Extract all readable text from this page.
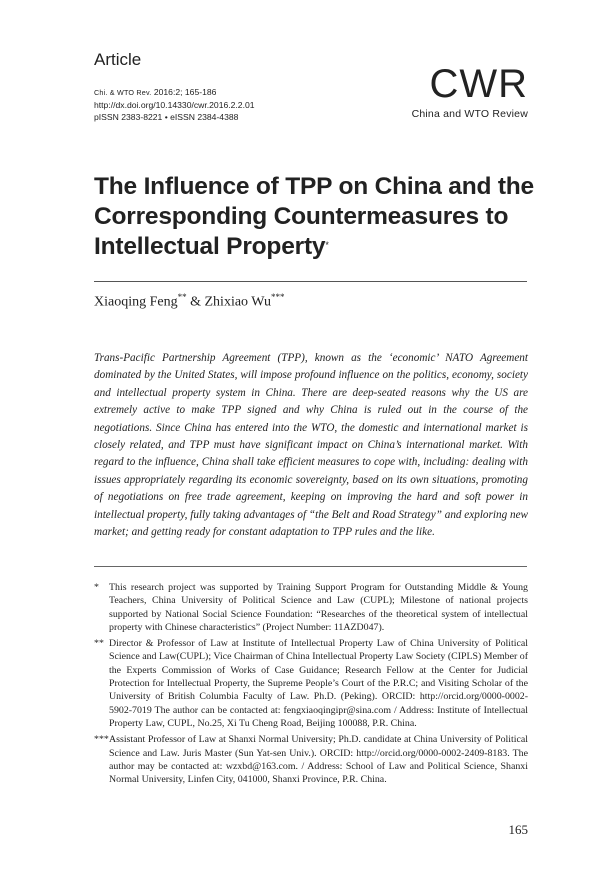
Article
Chi. & WTO Rev. 2016:2; 165-186
http://dx.doi.org/10.14330/cwr.2016.2.2.01
pISSN 2383-8221 • eISSN 2384-4388
CWR
China and WTO Review
The Influence of TPP on China and the Corresponding Countermeasures to Intellectual Property*
Xiaoqing Feng** & Zhixiao Wu***

Trans-Pacific Partnership Agreement (TPP), known as the ‘economic’ NATO Agreement dominated by the United States, will impose profound influence on the politics, economy, society and intellectual property system in China. There are deep-seated reasons why the US are extremely active to make TPP signed and why China is ruled out in the course of the negotiations. Since China has entered into the WTO, the domestic and international market is closely related, and TPP must have significant impact on China’s international market. With regard to the influence, China shall take efficient measures to cope with, including: dealing with issues appropriately regarding its economic sovereignty, based on its own situations, promoting of negotiations on free trade agreement, keeping on improving the hard and soft power in intellectual property, fully taking advantages of “the Belt and Road Strategy” and exploring new market; and getting ready for constant adaptation to TPP rules and the like.

*	This research project was supported by Training Support Program for Outstanding Middle & Young Teachers, China University of Political Science and Law (CUPL); Milestone of national projects supported by National Social Science Foundation: “Researches of the theoretical system of intellectual property with Chinese characteristics” (Project Number: 11AZD047).
** Director & Professor of Law at Institute of Intellectual Property Law of China University of Political Science and Law(CUPL); Vice Chairman of China Intellectual Property Law Society (CIPLS) Member of the Experts Commission of Works of Case Guidance; Research Fellow at the Center for Judicial Protection for Intellectual Property, the Supreme People’s Court of the P.R.C; and Visiting Scholar of the University of British Columbia Faculty of Law. Ph.D. (Peking). ORCID: http://orcid.org/0000-0002-5902-7019 The author can be contacted at: fengxiaoqingipr@sina.com / Address: Institute of Intellectual Property Law, CUPL, No.25, Xi Tu Cheng Road, Beijing 100088, P.R. China.
*** Assistant Professor of Law at Shanxi Normal University; Ph.D. candidate at China University of Political Science and Law. Juris Master (Sun Yat-sen Univ.). ORCID: http://orcid.org/0000-0002-2409-8183. The author may be contacted at: wzxbd@163.com. / Address: School of Law and Political Science, Shanxi Normal University, Linfen City, 041000, Shanxi Province, P.R. China.
165
